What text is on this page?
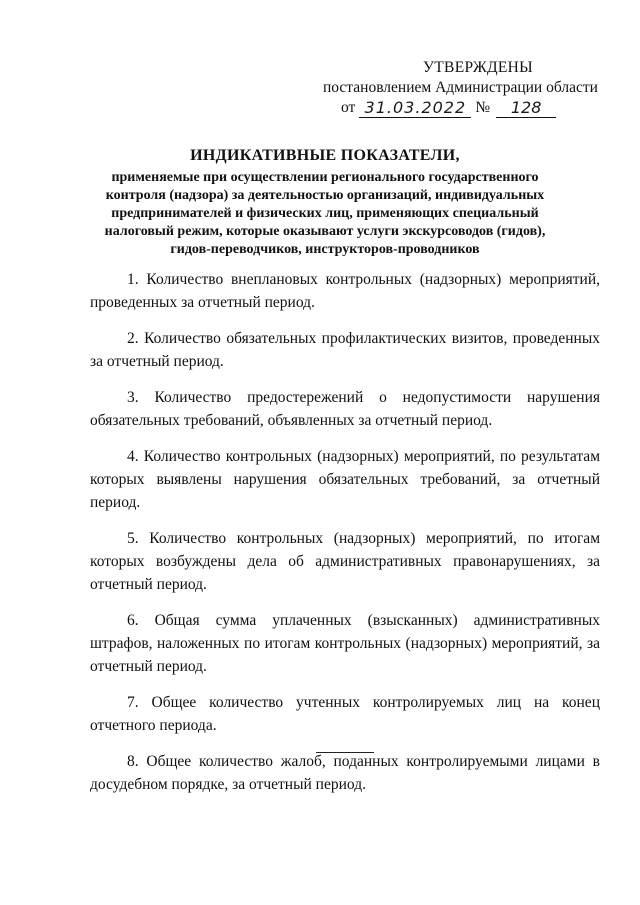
УТВЕРЖДЕНЫ
постановлением Администрации области
от 31.03.2022 №	128
ИНДИКАТИВНЫЕ ПОКАЗАТЕЛИ,
применяемые при осуществлении регионального государственного контроля (надзора) за деятельностью организаций, индивидуальных предпринимателей и физических лиц, применяющих специальный налоговый режим, которые оказывают услуги экскурсоводов (гидов), гидов-переводчиков, инструкторов-проводников

1. Количество внеплановых контрольных (надзорных) мероприятий, проведенных за отчетный период.

2. Количество обязательных профилактических визитов, проведенных за отчетный период.

3. Количество предостережений о недопустимости нарушения обязательных требований, объявленных за отчетный период.

4. Количество контрольных (надзорных) мероприятий, по результатам которых выявлены нарушения обязательных требований, за отчетный период.

5. Количество контрольных (надзорных) мероприятий, по итогам которых возбуждены дела об административных правонарушениях, за отчетный период.

6. Общая сумма уплаченных (взысканных) административных штрафов, наложенных по итогам контрольных (надзорных) мероприятий, за отчетный период.

7. Общее количество учтенных контролируемых лиц на конец отчетного периода.

8. Общее количество жалоб, поданных контролируемыми лицами в досудебном порядке, за отчетный период.
